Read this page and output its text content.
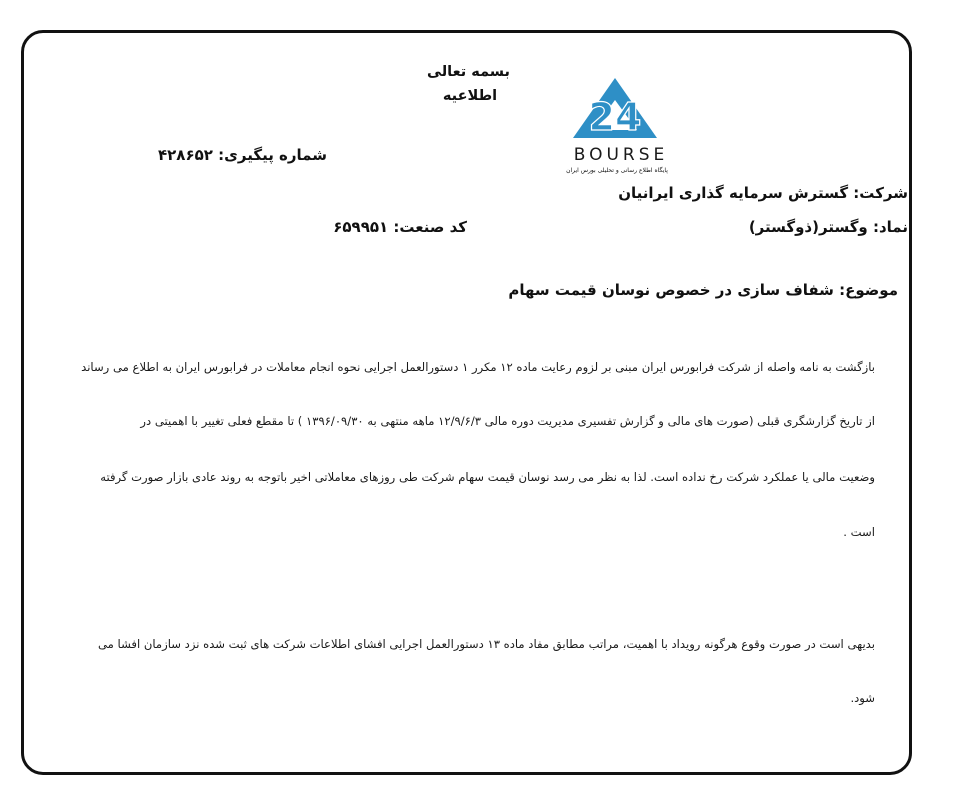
بسمه تعالی
اطلاعیه
شماره پیگیری: ۴۲۸۶۵۲
کد صنعت: ۶۵۹۹۵۱
24
BOURSE
پایگاه اطلاع رسانی و تحلیلی بورس ایران
شرکت: گسترش سرمایه گذاری ایرانیان
نماد: وگستر(ذوگستر)
موضوع: شفاف سازی در خصوص نوسان قیمت سهام
بازگشت به نامه واصله از شرکت فرابورس ایران مبنی بر لزوم رعایت ماده ۱۲ مکرر ۱ دستورالعمل اجرایی نحوه انجام معاملات در فرابورس ایران به اطلاع می رساند
از تاریخ گزارشگری قبلی (صورت های مالی و گزارش تفسیری مدیریت دوره مالی ۱۲/۹/۶/۳ ماهه منتهی به ۱۳۹۶/۰۹/۳۰ ) تا مقطع فعلی تغییر با اهمیتی در
وضعیت مالی یا عملکرد شرکت رخ نداده است. لذا به نظر می رسد نوسان قیمت سهام شرکت طی روزهای معاملاتی اخیر باتوجه به روند عادی بازار صورت گرفته
است .
بدیهی است در صورت وقوع هرگونه رویداد با اهمیت، مراتب مطابق مفاد ماده ۱۳ دستورالعمل اجرایی افشای اطلاعات شرکت های ثبت شده نزد سازمان افشا می
شود.
